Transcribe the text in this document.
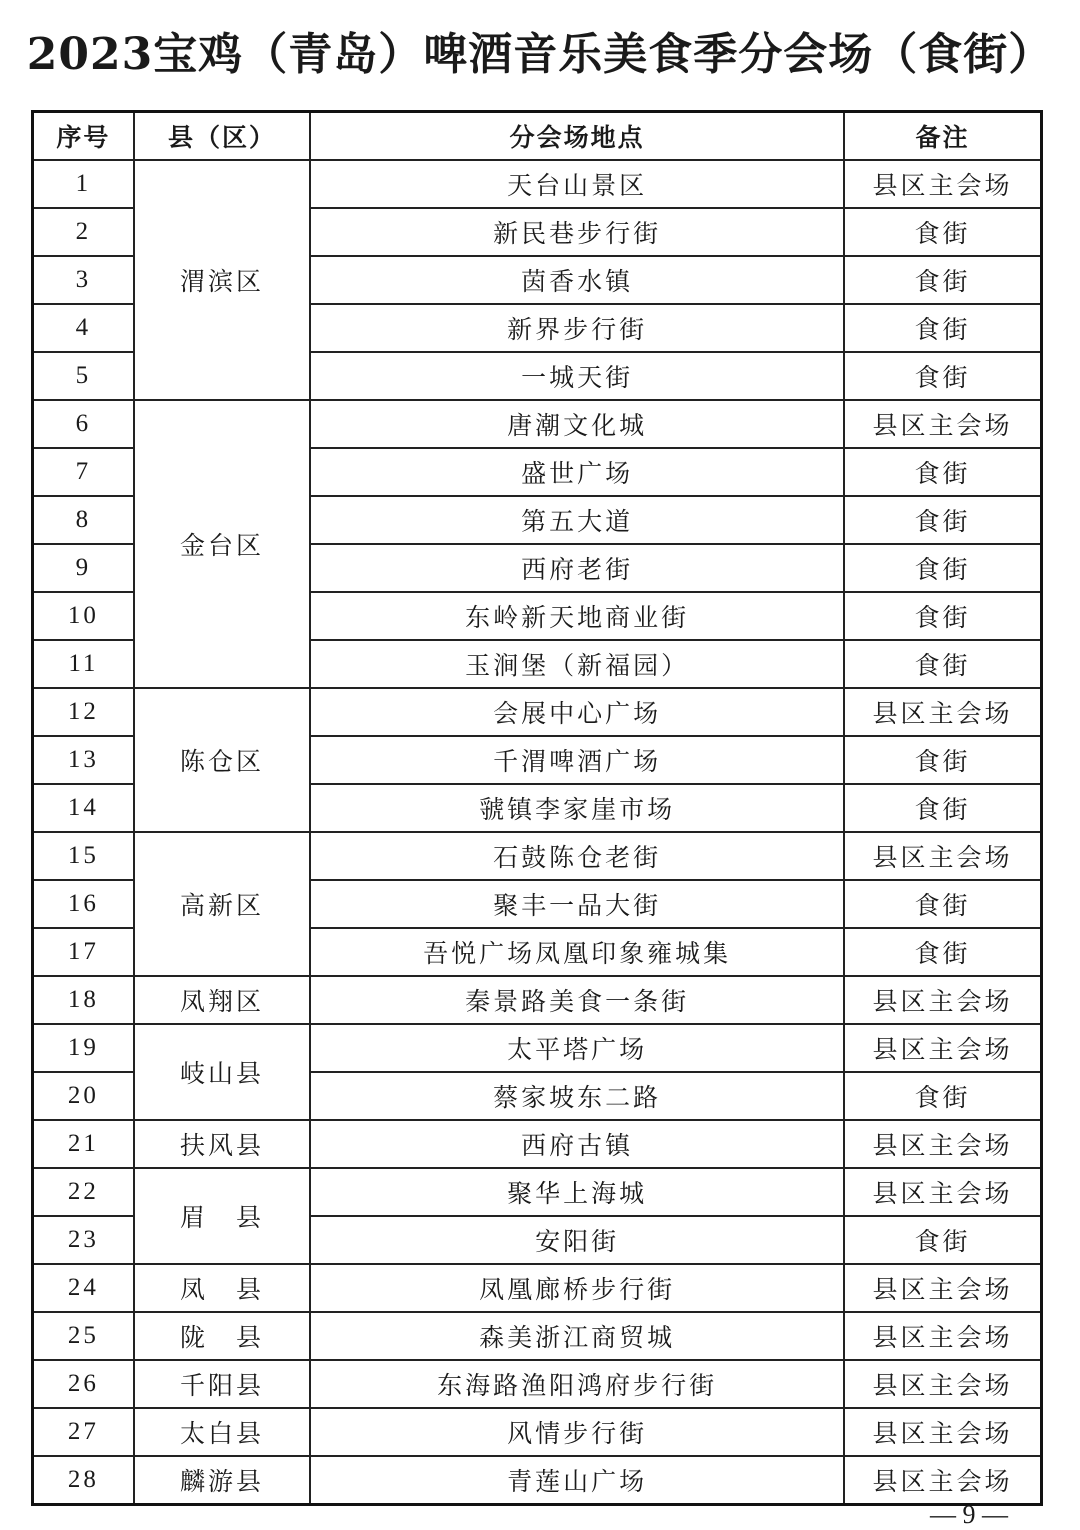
2023宝鸡（青岛）啤酒音乐美食季分会场（食街）
序号	县（区）	分会场地点	备注
1	渭滨区	天台山景区	县区主会场
2		新民巷步行街	食街
3		茵香水镇	食街
4		新界步行街	食街
5		一城天街	食街
6	金台区	唐潮文化城	县区主会场
7		盛世广场	食街
8		第五大道	食街
9		西府老街	食街
10		东岭新天地商业街	食街
11		玉涧堡（新福园）	食街
12	陈仓区	会展中心广场	县区主会场
13		千渭啤酒广场	食街
14		虢镇李家崖市场	食街
15	高新区	石鼓陈仓老街	县区主会场
16		聚丰一品大街	食街
17		吾悦广场凤凰印象雍城集	食街
18	凤翔区	秦景路美食一条街	县区主会场
19	岐山县	太平塔广场	县区主会场
20		蔡家坡东二路	食街
21	扶风县	西府古镇	县区主会场
22	眉　县	聚华上海城	县区主会场
23		安阳街	食街
24	凤　县	凤凰廊桥步行街	县区主会场
25	陇　县	森美浙江商贸城	县区主会场
26	千阳县	东海路渔阳鸿府步行街	县区主会场
27	太白县	风情步行街	县区主会场
28	麟游县	青莲山广场	县区主会场
— 9 —
